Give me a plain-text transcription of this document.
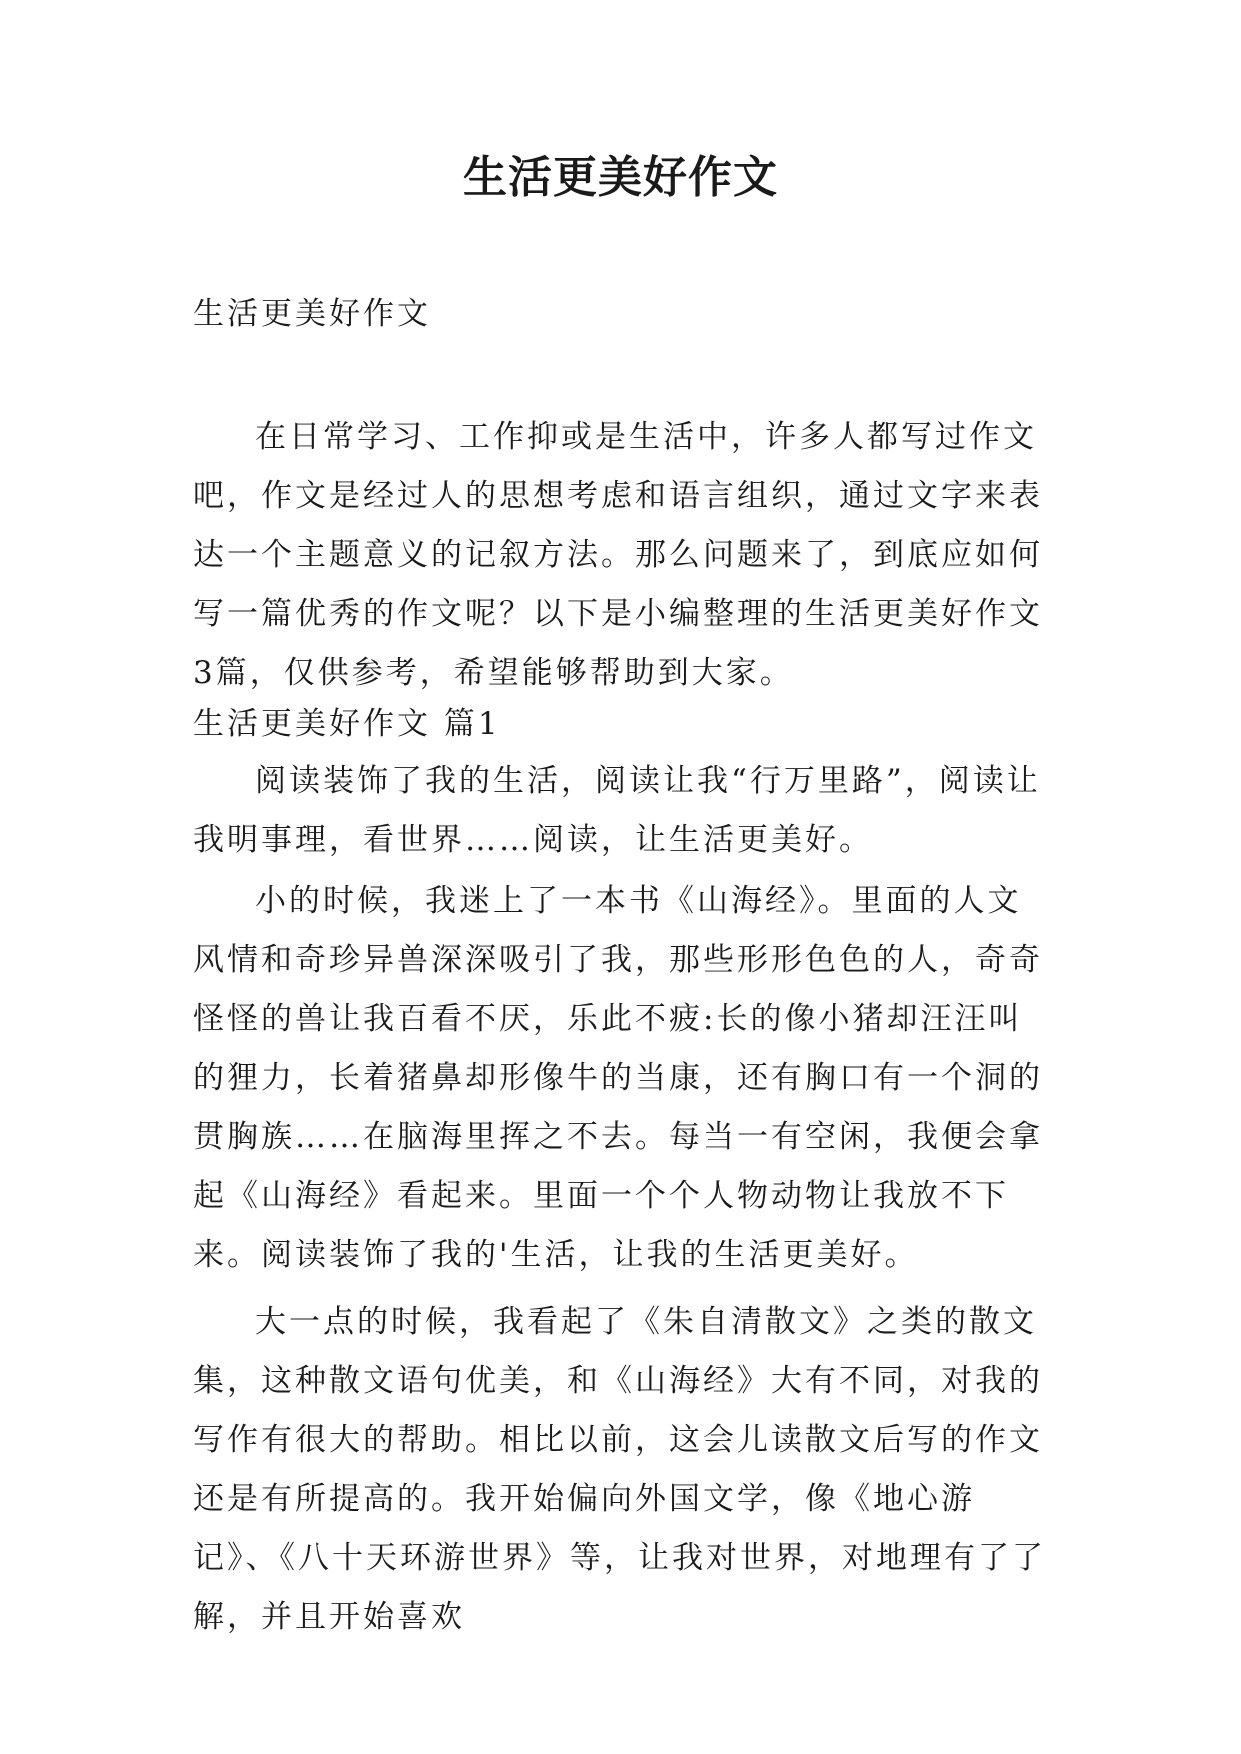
生活更美好作文

生活更美好作文

在日常学习、工作抑或是生活中，许多人都写过作文吧，作文是经过人的思想考虑和语言组织，通过文字来表达一个主题意义的记叙方法。那么问题来了，到底应如何写一篇优秀的作文呢？以下是小编整理的生活更美好作文3篇，仅供参考，希望能够帮助到大家。

生活更美好作文 篇1

阅读装饰了我的生活，阅读让我“行万里路”，阅读让我明事理，看世界……阅读，让生活更美好。

小的时候，我迷上了一本书《山海经》。里面的人文风情和奇珍异兽深深吸引了我，那些形形色色的人，奇奇怪怪的兽让我百看不厌，乐此不疲:长的像小猪却汪汪叫的狸力，长着猪鼻却形像牛的当康，还有胸口有一个洞的贯胸族……在脑海里挥之不去。每当一有空闲，我便会拿起《山海经》看起来。里面一个个人物动物让我放不下来。阅读装饰了我的'生活，让我的生活更美好。

大一点的时候，我看起了《朱自清散文》之类的散文集，这种散文语句优美，和《山海经》大有不同，对我的写作有很大的帮助。相比以前，这会儿读散文后写的作文还是有所提高的。我开始偏向外国文学，像《地心游记》、《八十天环游世界》等，让我对世界，对地理有了了解，并且开始喜欢
